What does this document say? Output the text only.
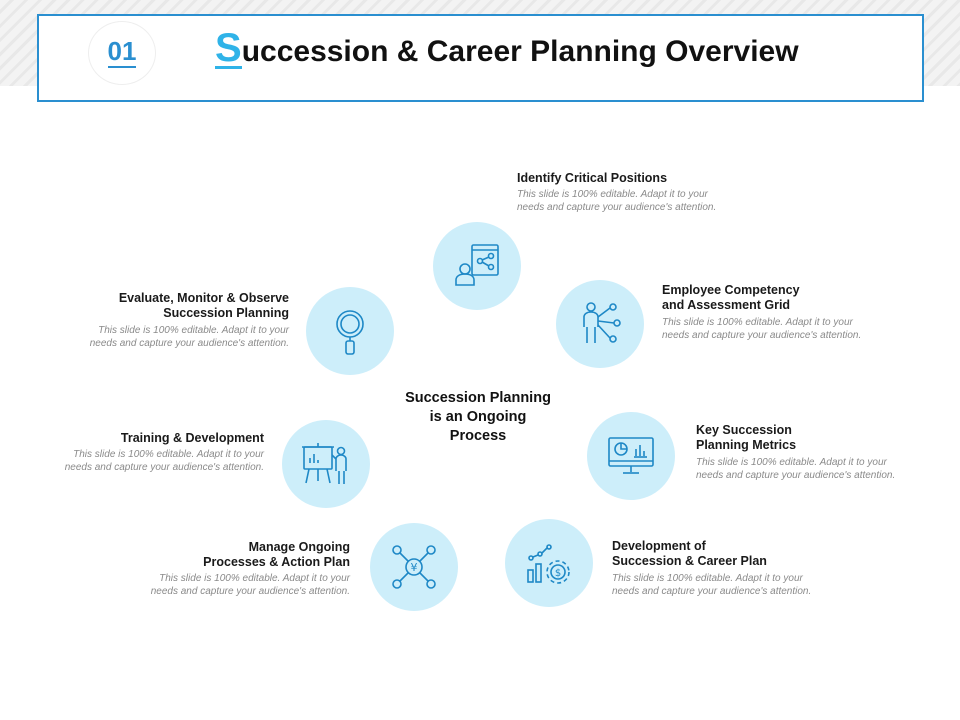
01 S uccession & Career Planning Overview
Succession Planning is an Ongoing Process
Identify Critical Positions
This slide is 100% editable. Adapt it to your needs and capture your audience's attention.
Employee Competency
and Assessment Grid
This slide is 100% editable. Adapt it to your needs and capture your audience's attention.
Key Succession
Planning Metrics
This slide is 100% editable. Adapt it to your needs and capture your audience's attention.
$
Development of
Succession & Career Plan
This slide is 100% editable. Adapt it to your needs and capture your audience's attention.
¥
Manage Ongoing
Processes & Action Plan
This slide is 100% editable. Adapt it to your needs and capture your audience's attention.
Training & Development
This slide is 100% editable. Adapt it to your needs and capture your audience's attention.
Evaluate, Monitor & Observe
Succession Planning
This slide is 100% editable. Adapt it to your needs and capture your audience's attention.
